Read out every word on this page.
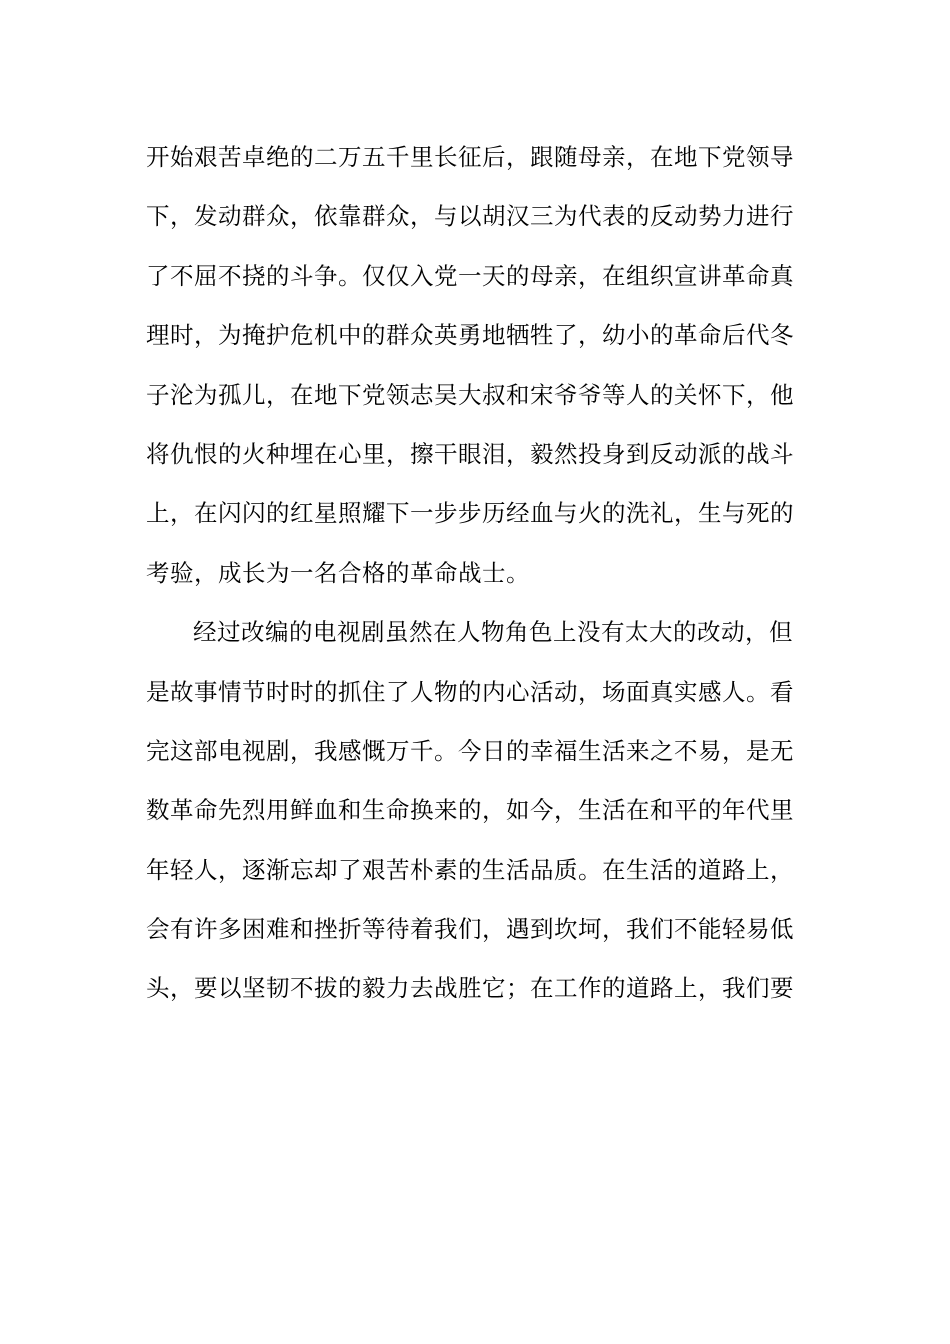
开始艰苦卓绝的二万五千里长征后，跟随母亲，在地下党领导
下，发动群众，依靠群众，与以胡汉三为代表的反动势力进行
了不屈不挠的斗争。仅仅入党一天的母亲，在组织宣讲革命真
理时，为掩护危机中的群众英勇地牺牲了，幼小的革命后代冬
子沦为孤儿，在地下党领志吴大叔和宋爷爷等人的关怀下，他
将仇恨的火种埋在心里，擦干眼泪，毅然投身到反动派的战斗
上，在闪闪的红星照耀下一步步历经血与火的洗礼，生与死的
考验，成长为一名合格的革命战士。
经过改编的电视剧虽然在人物角色上没有太大的改动，但
是故事情节时时的抓住了人物的内心活动，场面真实感人。看
完这部电视剧，我感慨万千。今日的幸福生活来之不易，是无
数革命先烈用鲜血和生命换来的，如今，生活在和平的年代里
年轻人，逐渐忘却了艰苦朴素的生活品质。在生活的道路上，
会有许多困难和挫折等待着我们，遇到坎坷，我们不能轻易低
头，要以坚韧不拔的毅力去战胜它；在工作的道路上，我们要
